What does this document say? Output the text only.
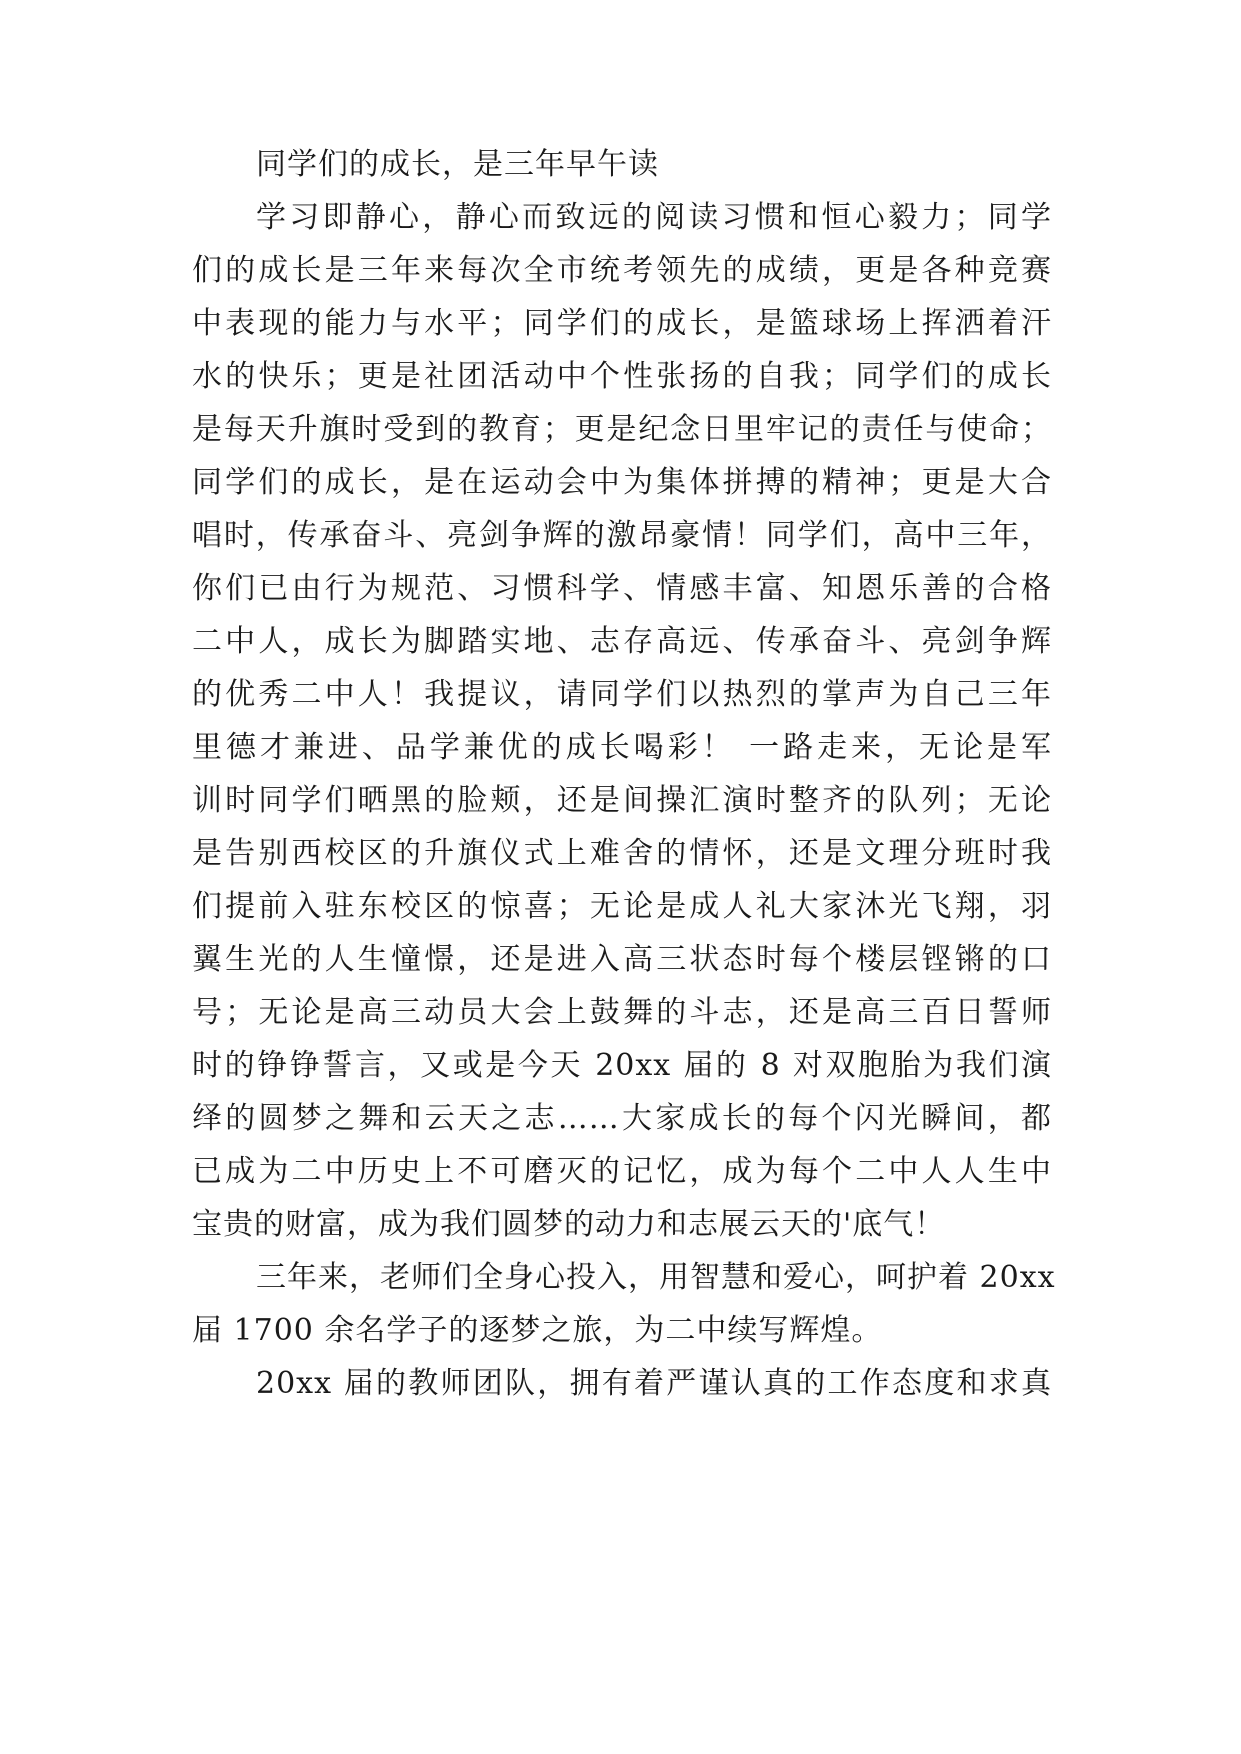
同学们的成长，是三年早午读
学习即静心，静心而致远的阅读习惯和恒心毅力；同学
们的成长是三年来每次全市统考领先的成绩，更是各种竞赛
中表现的能力与水平；同学们的成长，是篮球场上挥洒着汗
水的快乐；更是社团活动中个性张扬的自我；同学们的成长
是每天升旗时受到的教育；更是纪念日里牢记的责任与使命；
同学们的成长，是在运动会中为集体拼搏的精神；更是大合
唱时，传承奋斗、亮剑争辉的激昂豪情！同学们，高中三年，
你们已由行为规范、习惯科学、情感丰富、知恩乐善的合格
二中人，成长为脚踏实地、志存高远、传承奋斗、亮剑争辉
的优秀二中人！我提议，请同学们以热烈的掌声为自己三年
里德才兼进、品学兼优的成长喝彩！ 一路走来，无论是军
训时同学们晒黑的脸颊，还是间操汇演时整齐的队列；无论
是告别西校区的升旗仪式上难舍的情怀，还是文理分班时我
们提前入驻东校区的惊喜；无论是成人礼大家沐光飞翔，羽
翼生光的人生憧憬，还是进入高三状态时每个楼层铿锵的口
号；无论是高三动员大会上鼓舞的斗志，还是高三百日誓师
时的铮铮誓言，又或是今天 20xx 届的 8 对双胞胎为我们演
绎的圆梦之舞和云天之志……大家成长的每个闪光瞬间，都
已成为二中历史上不可磨灭的记忆，成为每个二中人人生中
宝贵的财富，成为我们圆梦的动力和志展云天的'底气！
三年来，老师们全身心投入，用智慧和爱心，呵护着 20xx
届 1700 余名学子的逐梦之旅，为二中续写辉煌。
20xx 届的教师团队，拥有着严谨认真的工作态度和求真
